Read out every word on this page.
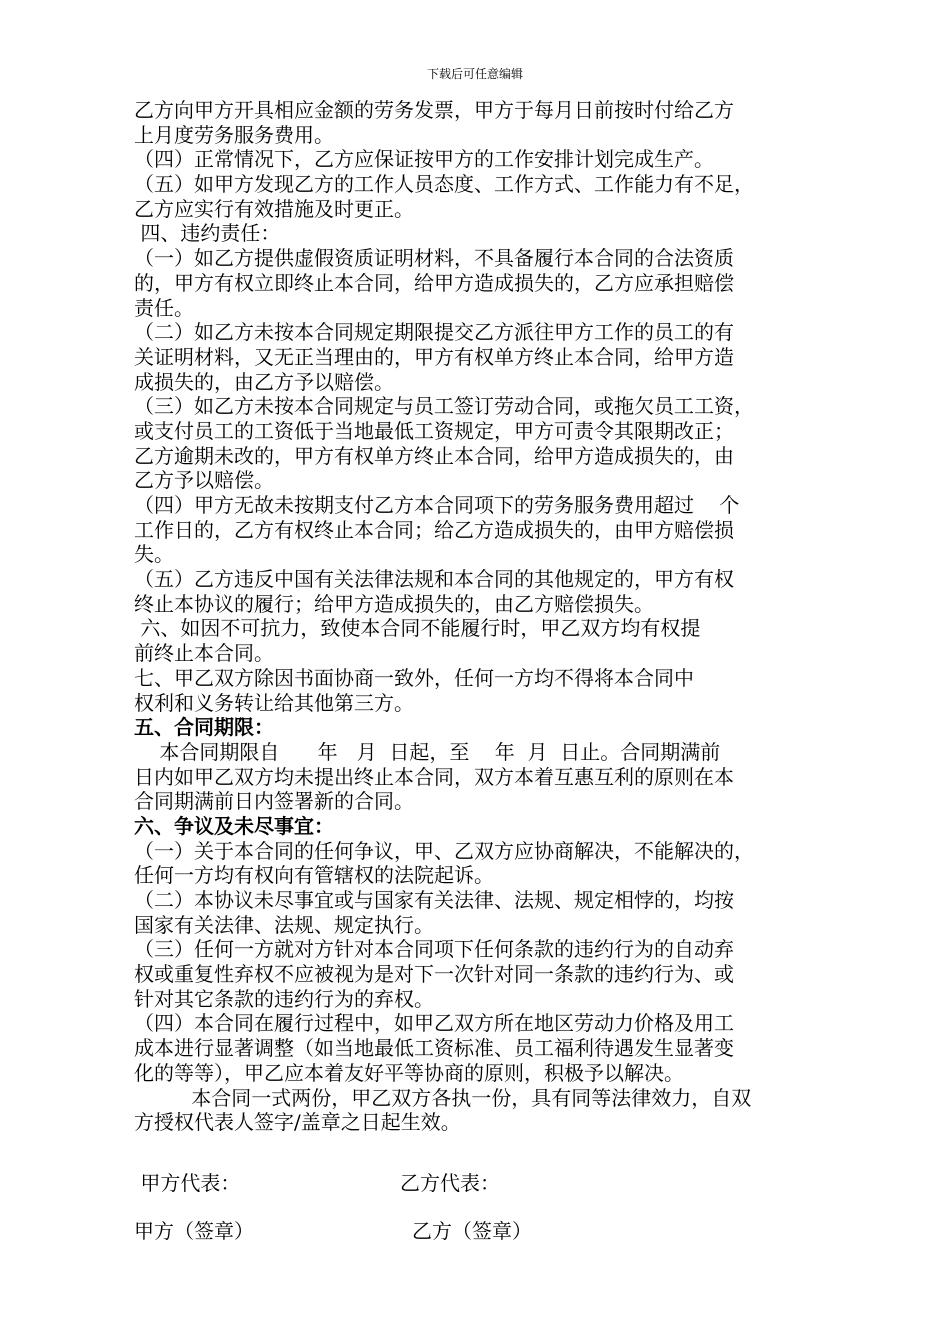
下载后可任意编辑
乙方向甲方开具相应金额的劳务发票，甲方于每月日前按时付给乙方
上月度劳务服务费用。
（四）正常情况下，乙方应保证按甲方的工作安排计划完成生产。
（五）如甲方发现乙方的工作人员态度、工作方式、工作能力有不足，
乙方应实行有效措施及时更正。
四、违约责任：
（一）如乙方提供虚假资质证明材料，不具备履行本合同的合法资质
的，甲方有权立即终止本合同，给甲方造成损失的，乙方应承担赔偿
责任。
（二）如乙方未按本合同规定期限提交乙方派往甲方工作的员工的有
关证明材料，又无正当理由的，甲方有权单方终止本合同，给甲方造
成损失的，由乙方予以赔偿。
（三）如乙方未按本合同规定与员工签订劳动合同，或拖欠员工工资，
或支付员工的工资低于当地最低工资规定，甲方可责令其限期改正；
乙方逾期未改的，甲方有权单方终止本合同，给甲方造成损失的，由
乙方予以赔偿。
（四）甲方无故未按期支付乙方本合同项下的劳务服务费用超过    个
工作日的，乙方有权终止本合同；给乙方造成损失的，由甲方赔偿损
失。
（五）乙方违反中国有关法律法规和本合同的其他规定的，甲方有权
终止本协议的履行；给甲方造成损失的，由乙方赔偿损失。
六、如因不可抗力，致使本合同不能履行时，甲乙双方均有权提
前终止本合同。
七、甲乙双方除因书面协商一致外，任何一方均不得将本合同中
权利和义务转让给其他第三方。
五、合同期限：
本合同期限自      年   月  日起，至    年  月  日止。合同期满前
日内如甲乙双方均未提出终止本合同，双方本着互惠互利的原则在本
合同期满前日内签署新的合同。
六、争议及未尽事宜：
（一）关于本合同的任何争议，甲、乙双方应协商解决，不能解决的，
任何一方均有权向有管辖权的法院起诉。
（二）本协议未尽事宜或与国家有关法律、法规、规定相悖的，均按
国家有关法律、法规、规定执行。
（三）任何一方就对方针对本合同项下任何条款的违约行为的自动弃
权或重复性弃权不应被视为是对下一次针对同一条款的违约行为、或
针对其它条款的违约行为的弃权。
（四）本合同在履行过程中，如甲乙双方所在地区劳动力价格及用工
成本进行显著调整（如当地最低工资标准、员工福利待遇发生显著变
化的等等），甲乙应本着友好平等协商的原则，积极予以解决。
本合同一式两份，甲乙双方各执一份，具有同等法律效力，自双
方授权代表人签字/盖章之日起生效。
甲方代表：	乙方代表：
甲方（签章）	乙方（签章）
